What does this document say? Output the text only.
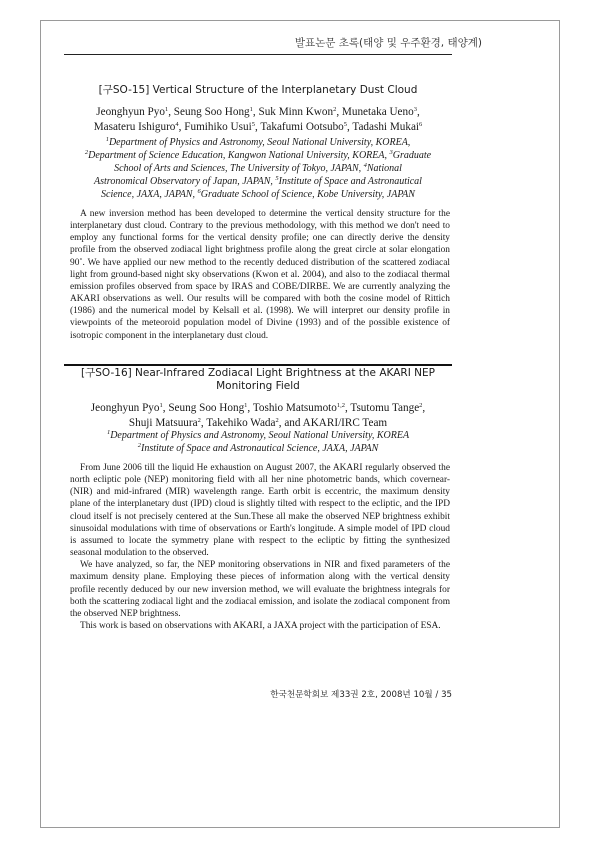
발표논문 초록(태양 및 우주환경, 태양계)
[구SO-15] Vertical Structure of the Interplanetary Dust Cloud
Jeonghyun Pyo$^1$, Seung Soo Hong$^1$, Suk Minn Kwon$^2$, Munetaka Ueno$^3$,
Masateru Ishiguro$^4$, Fumihiko Usui$^5$, Takafumi Ootsubo$^5$, Tadashi Mukai$^6$
$^1$Department of Physics and Astronomy, Seoul National University, KOREA,
$^2$Department of Science Education, Kangwon National University, KOREA, $^3$Graduate
School of Arts and Sciences, The University of Tokyo, JAPAN, $^4$National
Astronomical Observatory of Japan, JAPAN, $^5$Institute of Space and Astronautical
Science, JAXA, JAPAN, $^6$Graduate School of Science, Kobe University, JAPAN

A new inversion method has been developed to determine the vertical density structure for the interplanetary dust cloud. Contrary to the previous methodology, with this method we don't need to employ any functional forms for the vertical density profile; one can directly derive the density profile from the observed zodiacal light brightness profile along the great circle at solar elongation 90˚. We have applied our new method to the recently deduced distribution of the scattered zodiacal light from ground-based night sky observations (Kwon et al. 2004), and also to the zodiacal thermal emission profiles observed from space by IRAS and COBE/DIRBE. We are currently analyzing the AKARI observations as well. Our results will be compared with both the cosine model of Rittich (1986) and the numerical model by Kelsall et al. (1998). We will interpret our density profile in viewpoints of the meteoroid population model of Divine (1993) and of the possible existence of isotropic component in the interplanetary dust cloud.

[구SO-16] Near-Infrared Zodiacal Light Brightness at the AKARI NEP
Monitoring Field
Jeonghyun Pyo$^1$, Seung Soo Hong$^1$, Toshio Matsumoto$^{1,2}$, Tsutomu Tange$^2$,
Shuji Matsuura$^2$, Takehiko Wada$^2$, and AKARI/IRC Team
$^1$Department of Physics and Astronomy, Seoul National University, KOREA
$^2$Institute of Space and Astronautical Science, JAXA, JAPAN

From June 2006 till the liquid He exhaustion on August 2007, the AKARI regularly observed the north ecliptic pole (NEP) monitoring field with all her nine photometric bands, which covernear- (NIR) and mid-infrared (MIR) wavelength range. Earth orbit is eccentric, the maximum density plane of the interplanetary dust (IPD) cloud is slightly tilted with respect to the ecliptic, and the IPD cloud itself is not precisely centered at the Sun.These all make the observed NEP brightness exhibit sinusoidal modulations with time of observations or Earth's longitude. A simple model of IPD cloud is assumed to locate the symmetry plane with respect to the ecliptic by fitting the synthesized seasonal modulation to the observed.

We have analyzed, so far, the NEP monitoring observations in NIR and fixed parameters of the maximum density plane. Employing these pieces of information along with the vertical density profile recently deduced by our new inversion method, we will evaluate the brightness integrals for both the scattering zodiacal light and the zodiacal emission, and isolate the zodiacal component from the observed NEP brightness.

This work is based on observations with AKARI, a JAXA project with the participation of ESA.

한국천문학회보 제33권 2호, 2008년 10월 / 35
